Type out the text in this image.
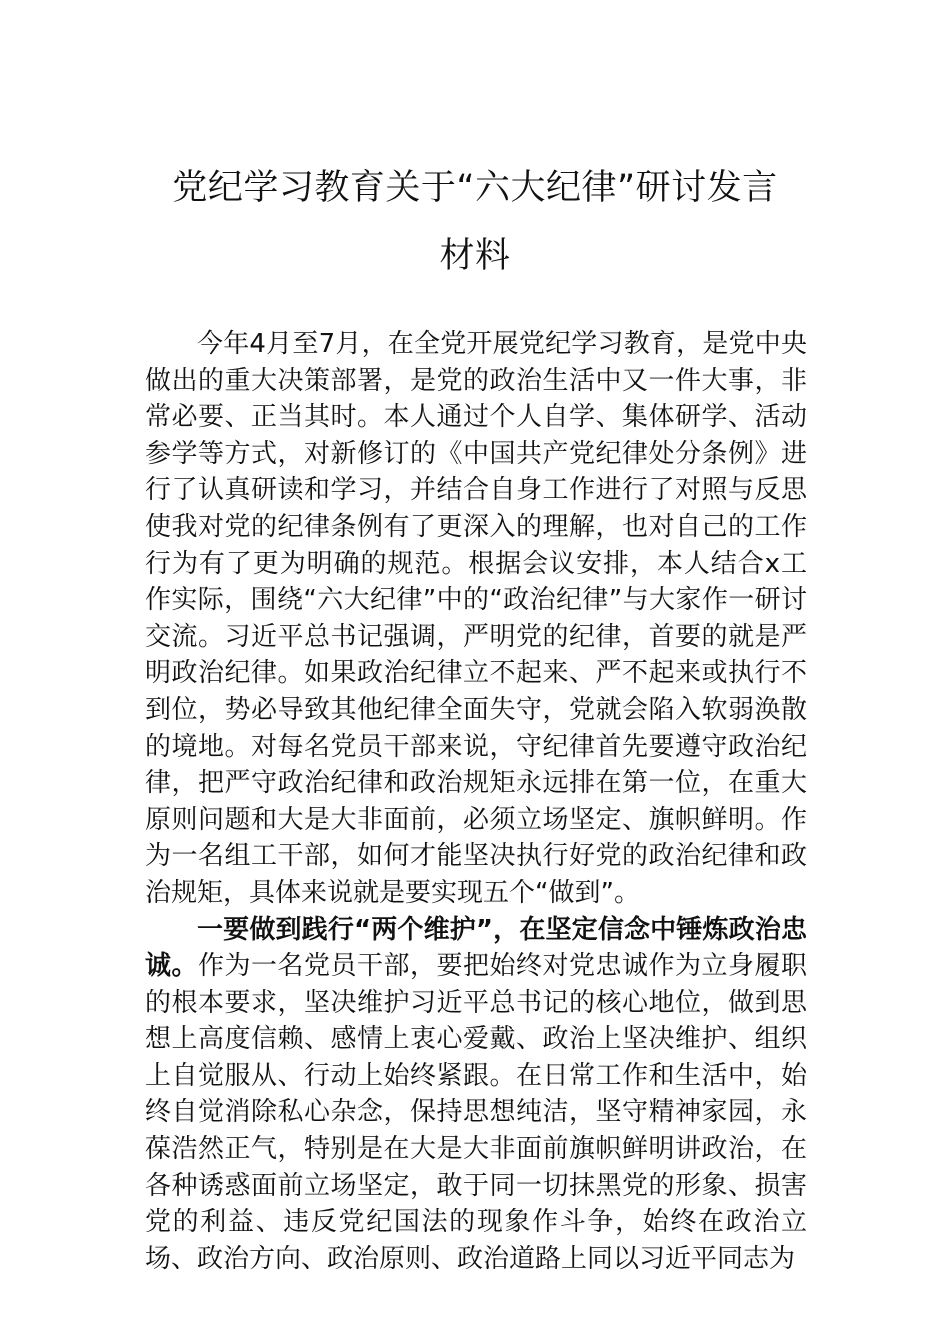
党纪学习教育关于“六大纪律”研讨发言
材料

今年4月至7月，在全党开展党纪学习教育，是党中央做出的重大决策部署，是党的政治生活中又一件大事，非常必要、正当其时。本人通过个人自学、集体研学、活动参学等方式，对新修订的《中国共产党纪律处分条例》进行了认真研读和学习，并结合自身工作进行了对照与反思使我对党的纪律条例有了更深入的理解，也对自己的工作行为有了更为明确的规范。根据会议安排，本人结合x工作实际，围绕“六大纪律”中的“政治纪律”与大家作一研讨交流。习近平总书记强调，严明党的纪律，首要的就是严明政治纪律。如果政治纪律立不起来、严不起来或执行不到位，势必导致其他纪律全面失守，党就会陷入软弱涣散的境地。对每名党员干部来说，守纪律首先要遵守政治纪律，把严守政治纪律和政治规矩永远排在第一位，在重大原则问题和大是大非面前，必须立场坚定、旗帜鲜明。作为一名组工干部，如何才能坚决执行好党的政治纪律和政治规矩，具体来说就是要实现五个“做到”。

一要做到践行“两个维护”，在坚定信念中锤炼政治忠诚。作为一名党员干部，要把始终对党忠诚作为立身履职的根本要求，坚决维护习近平总书记的核心地位，做到思想上高度信赖、感情上衷心爱戴、政治上坚决维护、组织上自觉服从、行动上始终紧跟。在日常工作和生活中，始终自觉消除私心杂念，保持思想纯洁，坚守精神家园，永葆浩然正气，特别是在大是大非面前旗帜鲜明讲政治，在各种诱惑面前立场坚定，敢于同一切抹黑党的形象、损害党的利益、违反党纪国法的现象作斗争，始终在政治立场、政治方向、政治原则、政治道路上同以习近平同志为
